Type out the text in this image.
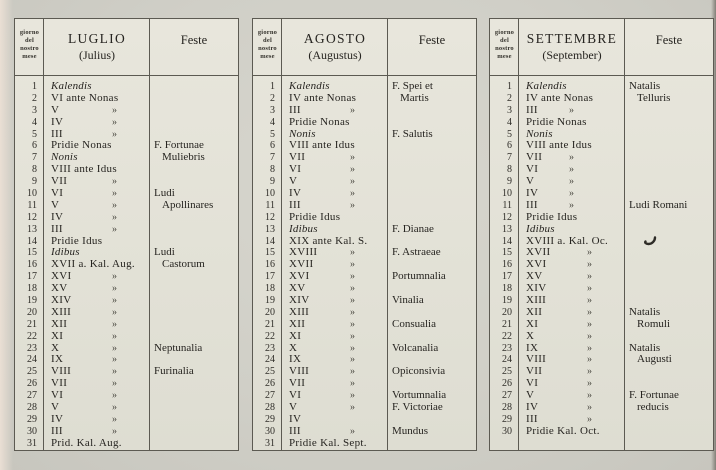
giorno del nostro mese
LUGLIO
(Julius)
Feste
1	Kalendis
2	VI ante Nonas
3	V	»
4	IV	»
5	III	»
6	Pridie Nonas	F. Fortunae
7	Nonis	Muliebris
8	VIII ante Idus
9	VII	»
10	VI	»	Ludi
11	V	»	Apollinares
12	IV	»
13	III	»
14	Pridie Idus
15	Idibus	Ludi
16	XVII a. Kal. Aug.	Castorum
17	XVI	»
18	XV	»
19	XIV	»
20	XIII	»
21	XII	»
22	XI	»
23	X	»	Neptunalia
24	IX	»
25	VIII	»	Furinalia
26	VII	»
27	VI	»
28	V	»
29	IV	»
30	III	»
31	Prid. Kal. Aug.
giorno del nostro mese
AGOSTO
(Augustus)
Feste
1	Kalendis	F. Spei et
2	IV ante Nonas	Martis
3	III	»
4	Pridie Nonas
5	Nonis	F. Salutis
6	VIII ante Idus
7	VII	»
8	VI	»
9	V	»
10	IV	»
11	III	»
12	Pridie Idus
13	Idibus	F. Dianae
14	XIX ante Kal. S.
15	XVIII	»	F. Astraeae
16	XVII	»
17	XVI	»	Portumnalia
18	XV	»
19	XIV	»	Vinalia
20	XIII	»
21	XII	»	Consualia
22	XI	»
23	X	»	Volcanalia
24	IX	»
25	VIII	»	Opiconsivia
26	VII	»
27	VI	»	Vortumnalia
28	V	»	F. Victoriae
29	IV
30	III	»	Mundus
31	Pridie Kal. Sept.
giorno del nostro mese
SETTEMBRE
(September)
Feste
1	Kalendis	Natalis
2	IV ante Nonas	Telluris
3	III	»
4	Pridie Nonas
5	Nonis
6	VIII ante Idus
7	VII	»
8	VI	»
9	V	»
10	IV	»
11	III	»	Ludi Romani
12	Pridie Idus
13	Idibus
14	XVIII a. Kal. Oc.
15	XVII	»
16	XVI	»
17	XV	»
18	XIV	»
19	XIII	»
20	XII	»	Natalis
21	XI	»	Romuli
22	X	»
23	IX	»	Natalis
24	VIII	»	Augusti
25	VII	»
26	VI	»
27	V	»	F. Fortunae
28	IV	»	reducis
29	III	»
30	Pridie Kal. Oct.
